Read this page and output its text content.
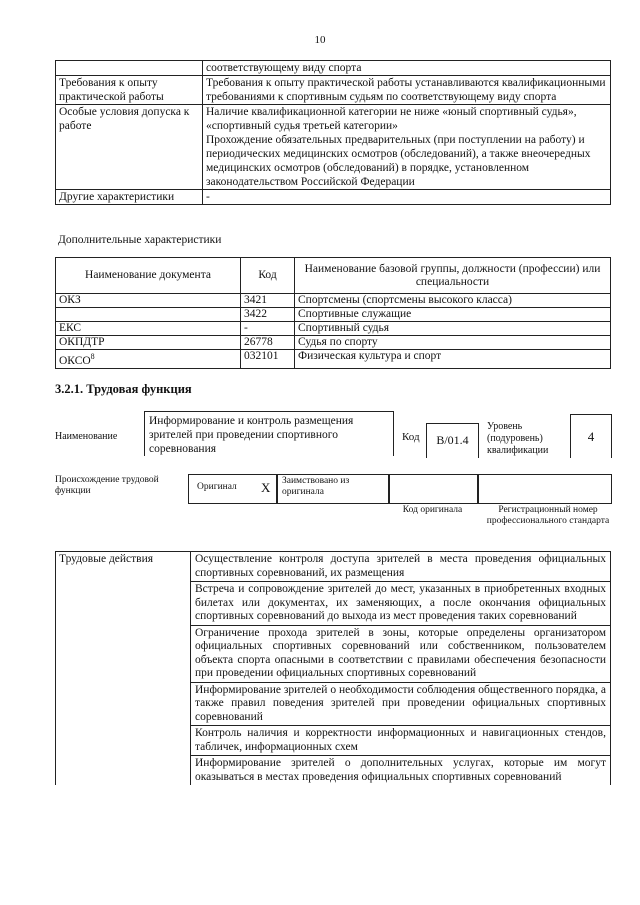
10
	соответствующему виду спорта
Требования к опыту практической работы	Требования к опыту практической работы устанавливаются квалификационными требованиями к спортивным судьям по соответствующему виду спорта
Особые условия допуска к работе	Наличие квалификационной категории не ниже «юный спортивный судья», «спортивный судья третьей категории»
Прохождение обязательных предварительных (при поступлении на работу) и периодических медицинских осмотров (обследований), а также внеочередных медицинских осмотров (обследований) в порядке, установленном законодательством Российской Федерации

Другие характеристики	-
Дополнительные характеристики
Наименование документа	Код	Наименование базовой группы, должности (профессии) или специальности
ОКЗ	3421	Спортсмены (спортсмены высокого класса)
	3422	Спортивные служащие
ЕКС	-	Спортивный судья
ОКПДТР	26778	Судья по спорту
ОКСО$^8$	032101	Физическая культура и спорт
3.2.1. Трудовая функция
Наименование
Информирование и контроль размещения зрителей при проведении спортивного соревнования
Код	В/01.4
Уровень (подуровень) квалификации
4
Происхождение трудовой функции	Оригинал X Заимствовано из оригинала
Код оригинала	Регистрационный номер профессионального стандарта
Трудовые действия	Осуществление контроля доступа зрителей в места проведения официальных спортивных соревнований, их размещения
Встреча и сопровождение зрителей до мест, указанных в приобретенных входных билетах или документах, их заменяющих, а после окончания официальных спортивных соревнований до выхода из мест проведения таких соревнований
Ограничение прохода зрителей в зоны, которые определены организатором официальных спортивных соревнований или собственником, пользователем объекта спорта опасными в соответствии с правилами обеспечения безопасности при проведении официальных спортивных соревнований
Информирование зрителей о необходимости соблюдения общественного порядка, а также правил поведения зрителей при проведении официальных спортивных соревнований
Контроль наличия и корректности информационных и навигационных стендов, табличек, информационных схем
Информирование зрителей о дополнительных услугах, которые им могут оказываться в местах проведения официальных спортивных соревнований
